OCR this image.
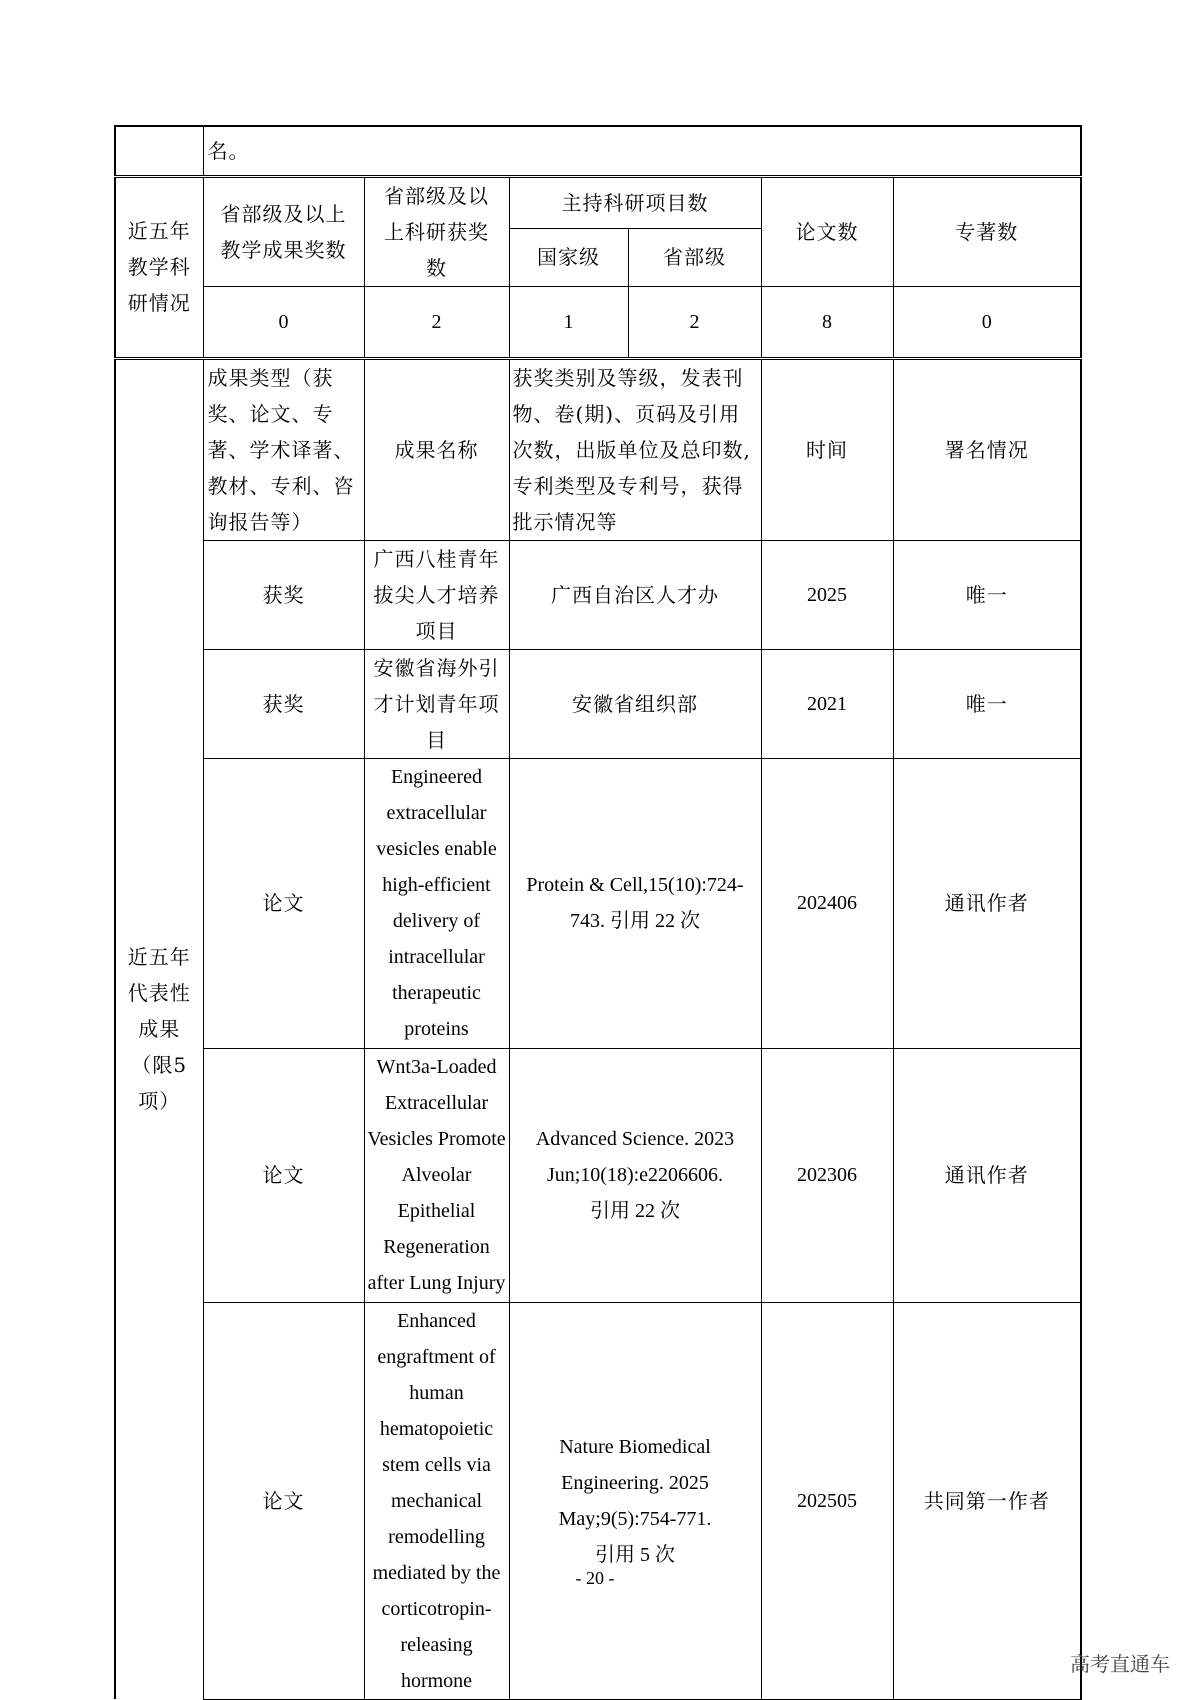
	名。					
近五年教学科研情况	省部级及以上教学成果奖数	省部级及以上科研获奖数	主持科研项目数		论文数	专著数
			国家级	省部级		
	0	2	1	2	8	0
近五年代表性成果（限5项）	成果类型（获奖、论文、专著、学术译著、教材、专利、咨询报告等）	成果名称	获奖类别及等级，发表刊物、卷(期)、页码及引用次数，出版单位及总印数,专利类型及专利号，获得批示情况等		时间	署名情况
	获奖	广西八桂青年拔尖人才培养项目	广西自治区人才办		2025	唯一
	获奖	安徽省海外引才计划青年项目	安徽省组织部		2021	唯一
	论文	Engineered extracellular vesicles enable high-efficient delivery of intracellular therapeutic proteins	Protein & Cell,15(10):724-743. 引用 22 次		202406	通讯作者
	论文	Wnt3a-Loaded Extracellular Vesicles Promote Alveolar Epithelial Regeneration after Lung Injury	Advanced Science. 2023 Jun;10(18):e2206606. 引用 22 次		202306	通讯作者
	论文	Enhanced engraftment of human hematopoietic stem cells via mechanical remodelling mediated by the corticotropin-releasing hormone	Nature Biomedical Engineering. 2025 May;9(5):754-771. 引用 5 次		202505	共同第一作者
- 20 -
高考直通车
